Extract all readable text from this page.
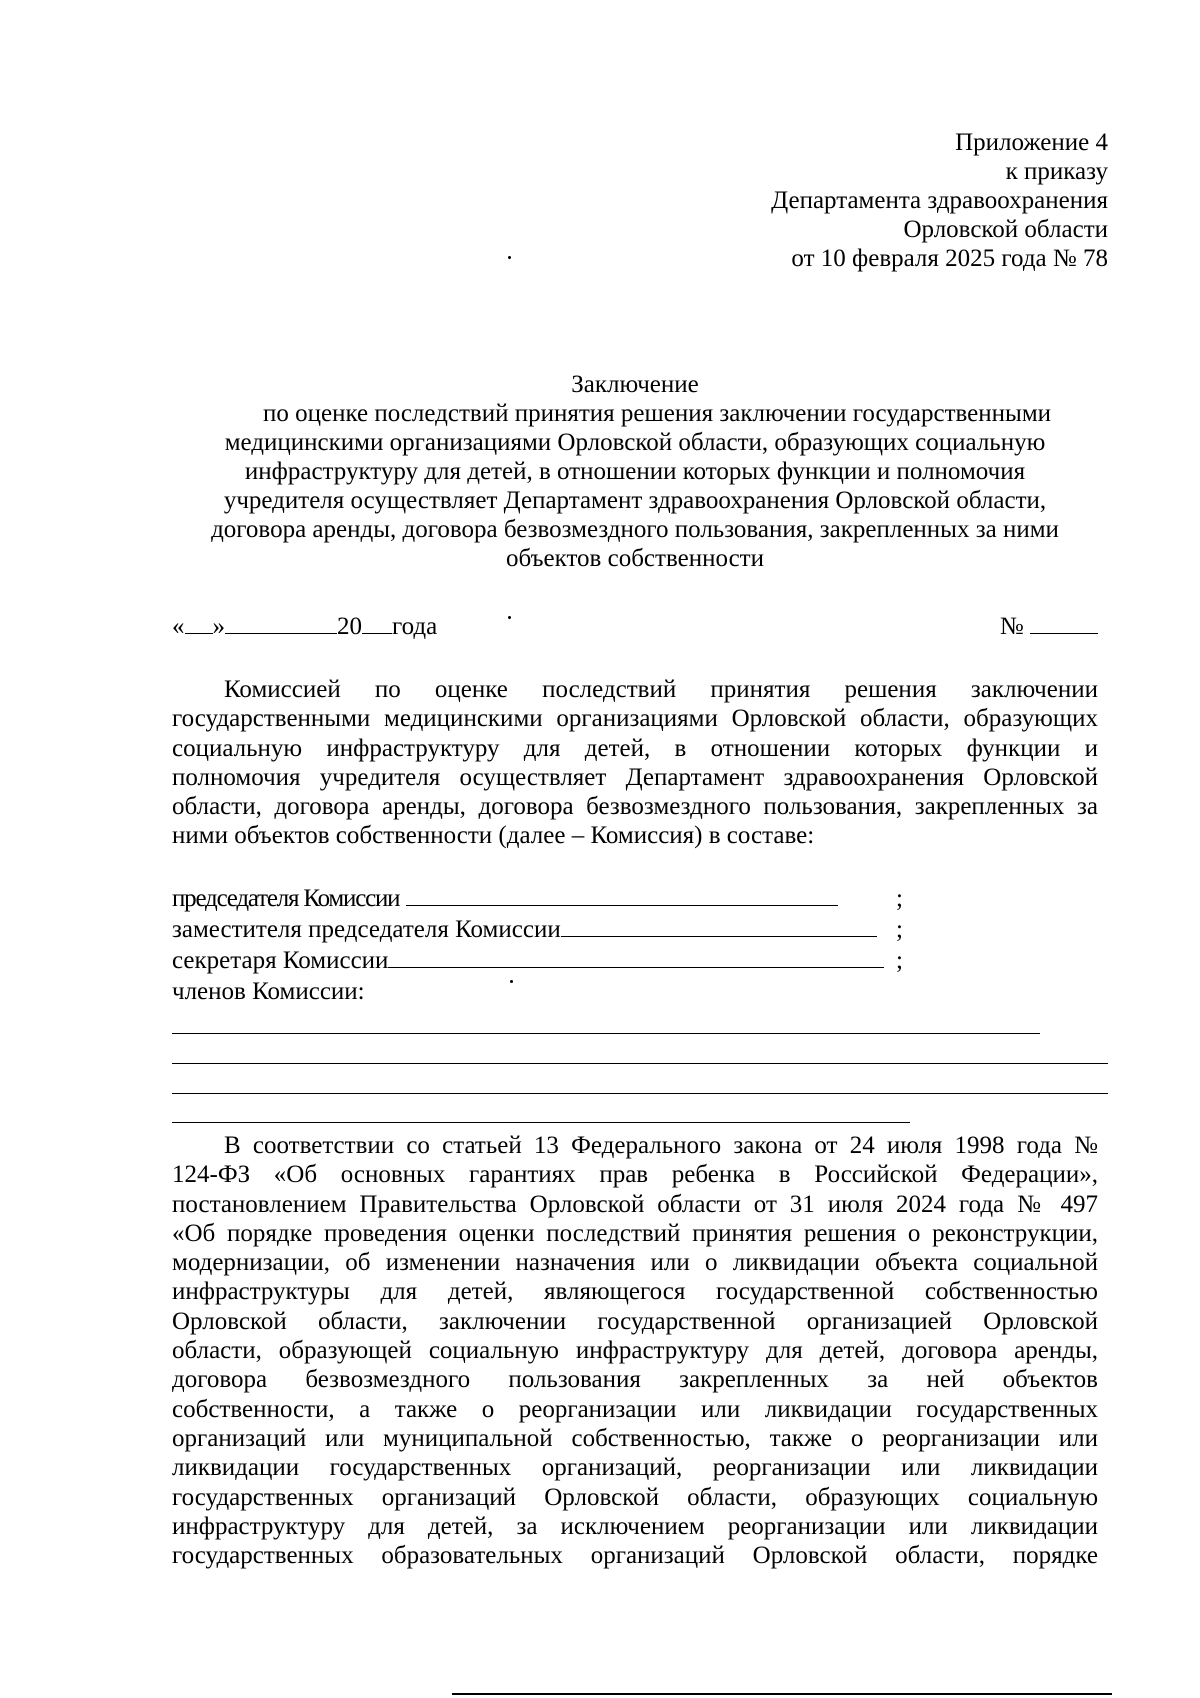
Приложение 4
к приказу
Департамента здравоохранения
Орловской области
от 10 февраля 2025 года № 78
Заключение
по оценке последствий принятия решения заключении государственными
медицинскими организациями Орловской области, образующих социальную
инфраструктуру для детей, в отношении которых функции и полномочия
учредителя осуществляет Департамент здравоохранения Орловской области,
договора аренды, договора безвозмездного пользования, закрепленных за ними
объектов собственности
« »	20 года	№
Комиссией по оценке последствий принятия решения заключении
государственными медицинскими организациями Орловской области, образующих
социальную инфраструктуру для детей, в отношении которых функции и
полномочия учредителя осуществляет Департамент здравоохранения Орловской
области, договора аренды, договора безвозмездного пользования, закрепленных за
ними объектов собственности (далее – Комиссия) в составе:
председателя Комиссии	;
заместителя председателя Комиссии	;
секретаря Комиссии	;
членов Комиссии:
В соответствии со статьей 13 Федерального закона от 24 июля 1998 года №
124-ФЗ «Об основных гарантиях прав ребенка в Российской Федерации»,
постановлением Правительства Орловской области от 31 июля 2024 года № 497
«Об порядке проведения оценки последствий принятия решения о реконструкции,
модернизации, об изменении назначения или о ликвидации объекта социальной
инфраструктуры для детей, являющегося государственной собственностью
Орловской области, заключении государственной организацией Орловской
области, образующей социальную инфраструктуру для детей, договора аренды,
договора безвозмездного пользования закрепленных за ней объектов
собственности, а также о реорганизации или ликвидации государственных
организаций или муниципальной собственностью, также о реорганизации или
ликвидации государственных организаций, реорганизации или ликвидации
государственных организаций Орловской области, образующих социальную
инфраструктуру для детей, за исключением реорганизации или ликвидации
государственных образовательных организаций Орловской области, порядке
